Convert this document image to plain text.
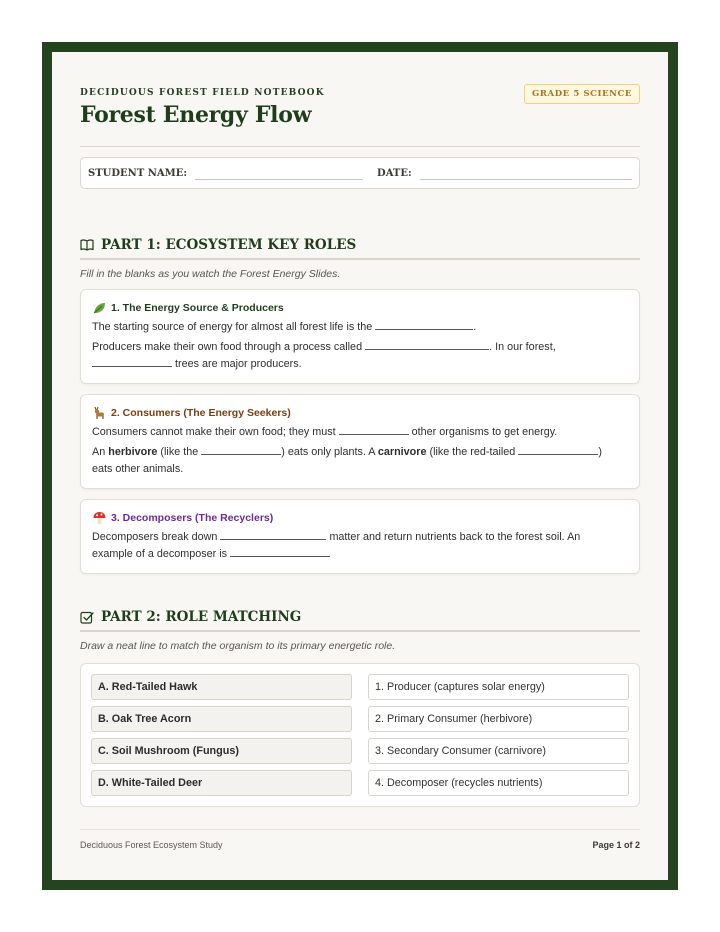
DECIDUOUS FOREST FIELD NOTEBOOK
Forest Energy Flow
GRADE 5 SCIENCE
STUDENT NAME:	DATE:
PART 1: ECOSYSTEM KEY ROLES
Fill in the blanks as you watch the Forest Energy Slides.
1. The Energy Source & Producers

The starting source of energy for almost all forest life is the	.

Producers make their own food through a process called	. In our forest,
trees are major producers.

2. Consumers (The Energy Seekers)

Consumers cannot make their own food; they must	other organisms to get energy.

An herbivore (like the	) eats only plants. A carnivore (like the red-tailed	)
eats other animals.

3. Decomposers (The Recyclers)

Decomposers break down	matter and return nutrients back to the forest soil. An
example of a decomposer is

PART 2: ROLE MATCHING
Draw a neat line to match the organism to its primary energetic role.
A. Red-Tailed Hawk	1. Producer (captures solar energy)
B. Oak Tree Acorn	2. Primary Consumer (herbivore)
C. Soil Mushroom (Fungus)	3. Secondary Consumer (carnivore)
D. White-Tailed Deer	4. Decomposer (recycles nutrients)
Deciduous Forest Ecosystem Study	Page 1 of 2
